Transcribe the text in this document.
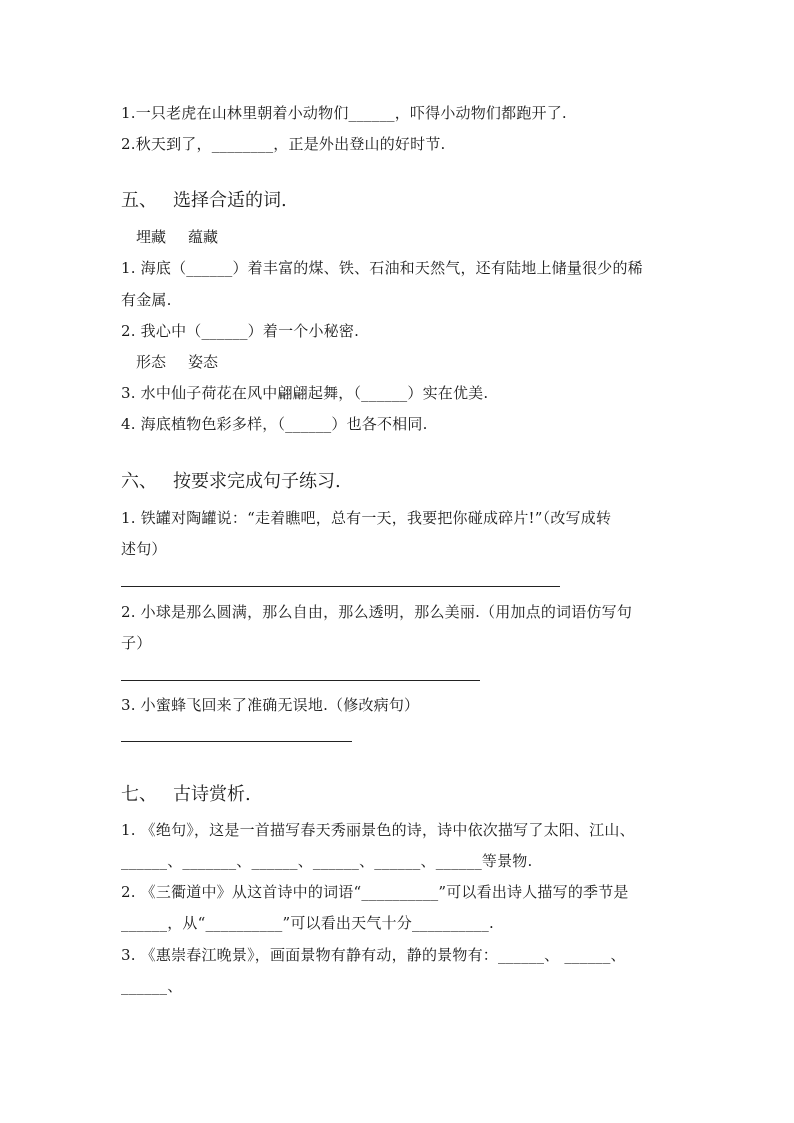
1.一只老虎在山林里朝着小动物们______，吓得小动物们都跑开了.
2.秋天到了，________，正是外出登山的好时节.
五、 选择合适的词.
埋藏 蕴藏
1. 海底（______）着丰富的煤、铁、石油和天然气，还有陆地上储量很少的稀
有金属.
2. 我心中（______）着一个小秘密.
形态 姿态
3. 水中仙子荷花在风中翩翩起舞，（______）实在优美.
4. 海底植物色彩多样，（______）也各不相同.
六、 按要求完成句子练习.
1. 铁罐对陶罐说：“走着瞧吧，总有一天，我要把你碰成碎片!”（改写成转
述句）
2. 小球是那么圆满，那么自由，那么透明，那么美丽.（用加点的词语仿写句
子）
3. 小蜜蜂飞回来了准确无误地.（修改病句）
七、 古诗赏析.
1. 《绝句》，这是一首描写春天秀丽景色的诗，诗中依次描写了太阳、江山、
______、_______、______、______、______、______等景物.
2. 《三衢道中》从这首诗中的词语“__________”可以看出诗人描写的季节是
______，从“__________”可以看出天气十分__________.
3. 《惠崇春江晚景》，画面景物有静有动，静的景物有：______、 ______、
______、
